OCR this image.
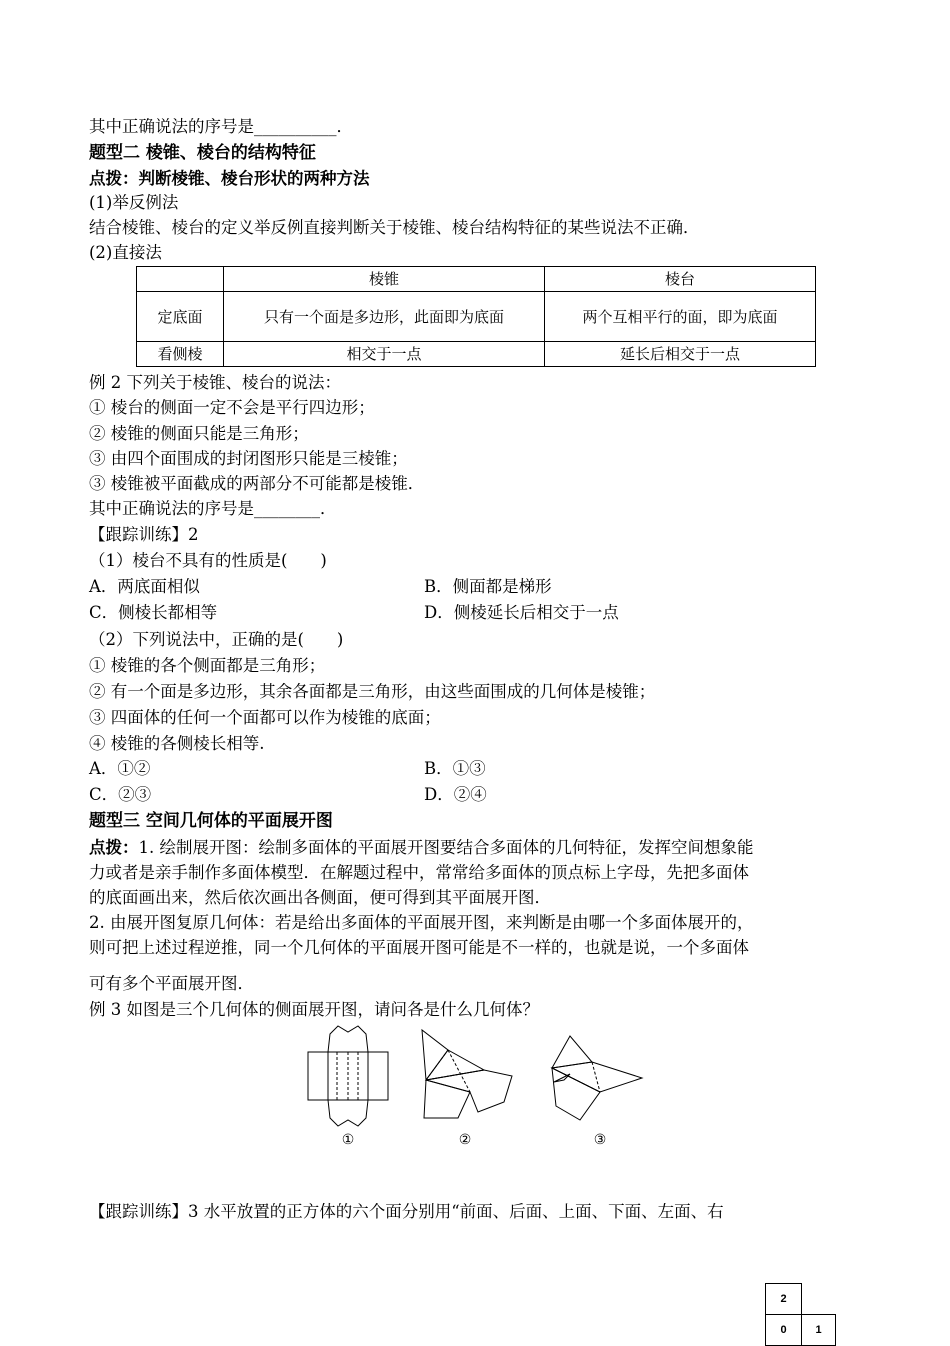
其中正确说法的序号是__________．
题型二 棱锥、棱台的结构特征
点拨：判断棱锥、棱台形状的两种方法
(1)举反例法
结合棱锥、棱台的定义举反例直接判断关于棱锥、棱台结构特征的某些说法不正确．
(2)直接法
	棱锥	棱台
定底面	只有一个面是多边形，此面即为底面	两个互相平行的面，即为底面
看侧棱	相交于一点	延长后相交于一点
例 2 下列关于棱锥、棱台的说法：
① 棱台的侧面一定不会是平行四边形；
② 棱锥的侧面只能是三角形；
③ 由四个面围成的封闭图形只能是三棱锥；
③ 棱锥被平面截成的两部分不可能都是棱锥．
其中正确说法的序号是________．
【跟踪训练】2
（1）棱台不具有的性质是(　　)
A．两底面相似	B．侧面都是梯形
C．侧棱长都相等	D．侧棱延长后相交于一点
（2）下列说法中，正确的是(　　)
① 棱锥的各个侧面都是三角形；
② 有一个面是多边形，其余各面都是三角形，由这些面围成的几何体是棱锥；
③ 四面体的任何一个面都可以作为棱锥的底面；
④ 棱锥的各侧棱长相等.
A．①②	B．①③
C．②③	D．②④
题型三 空间几何体的平面展开图
点拨：1. 绘制展开图：绘制多面体的平面展开图要结合多面体的几何特征，发挥空间想象能
力或者是亲手制作多面体模型．在解题过程中，常常给多面体的顶点标上字母，先把多面体
的底面画出来，然后依次画出各侧面，便可得到其平面展开图．
2. 由展开图复原几何体：若是给出多面体的平面展开图，来判断是由哪一个多面体展开的，
则可把上述过程逆推，同一个几何体的平面展开图可能是不一样的，也就是说，一个多面体
可有多个平面展开图．
例 3 如图是三个几何体的侧面展开图，请问各是什么几何体？
①	②	③
【跟踪训练】3 水平放置的正方体的六个面分别用“前面、后面、上面、下面、左面、右
2
0	1
